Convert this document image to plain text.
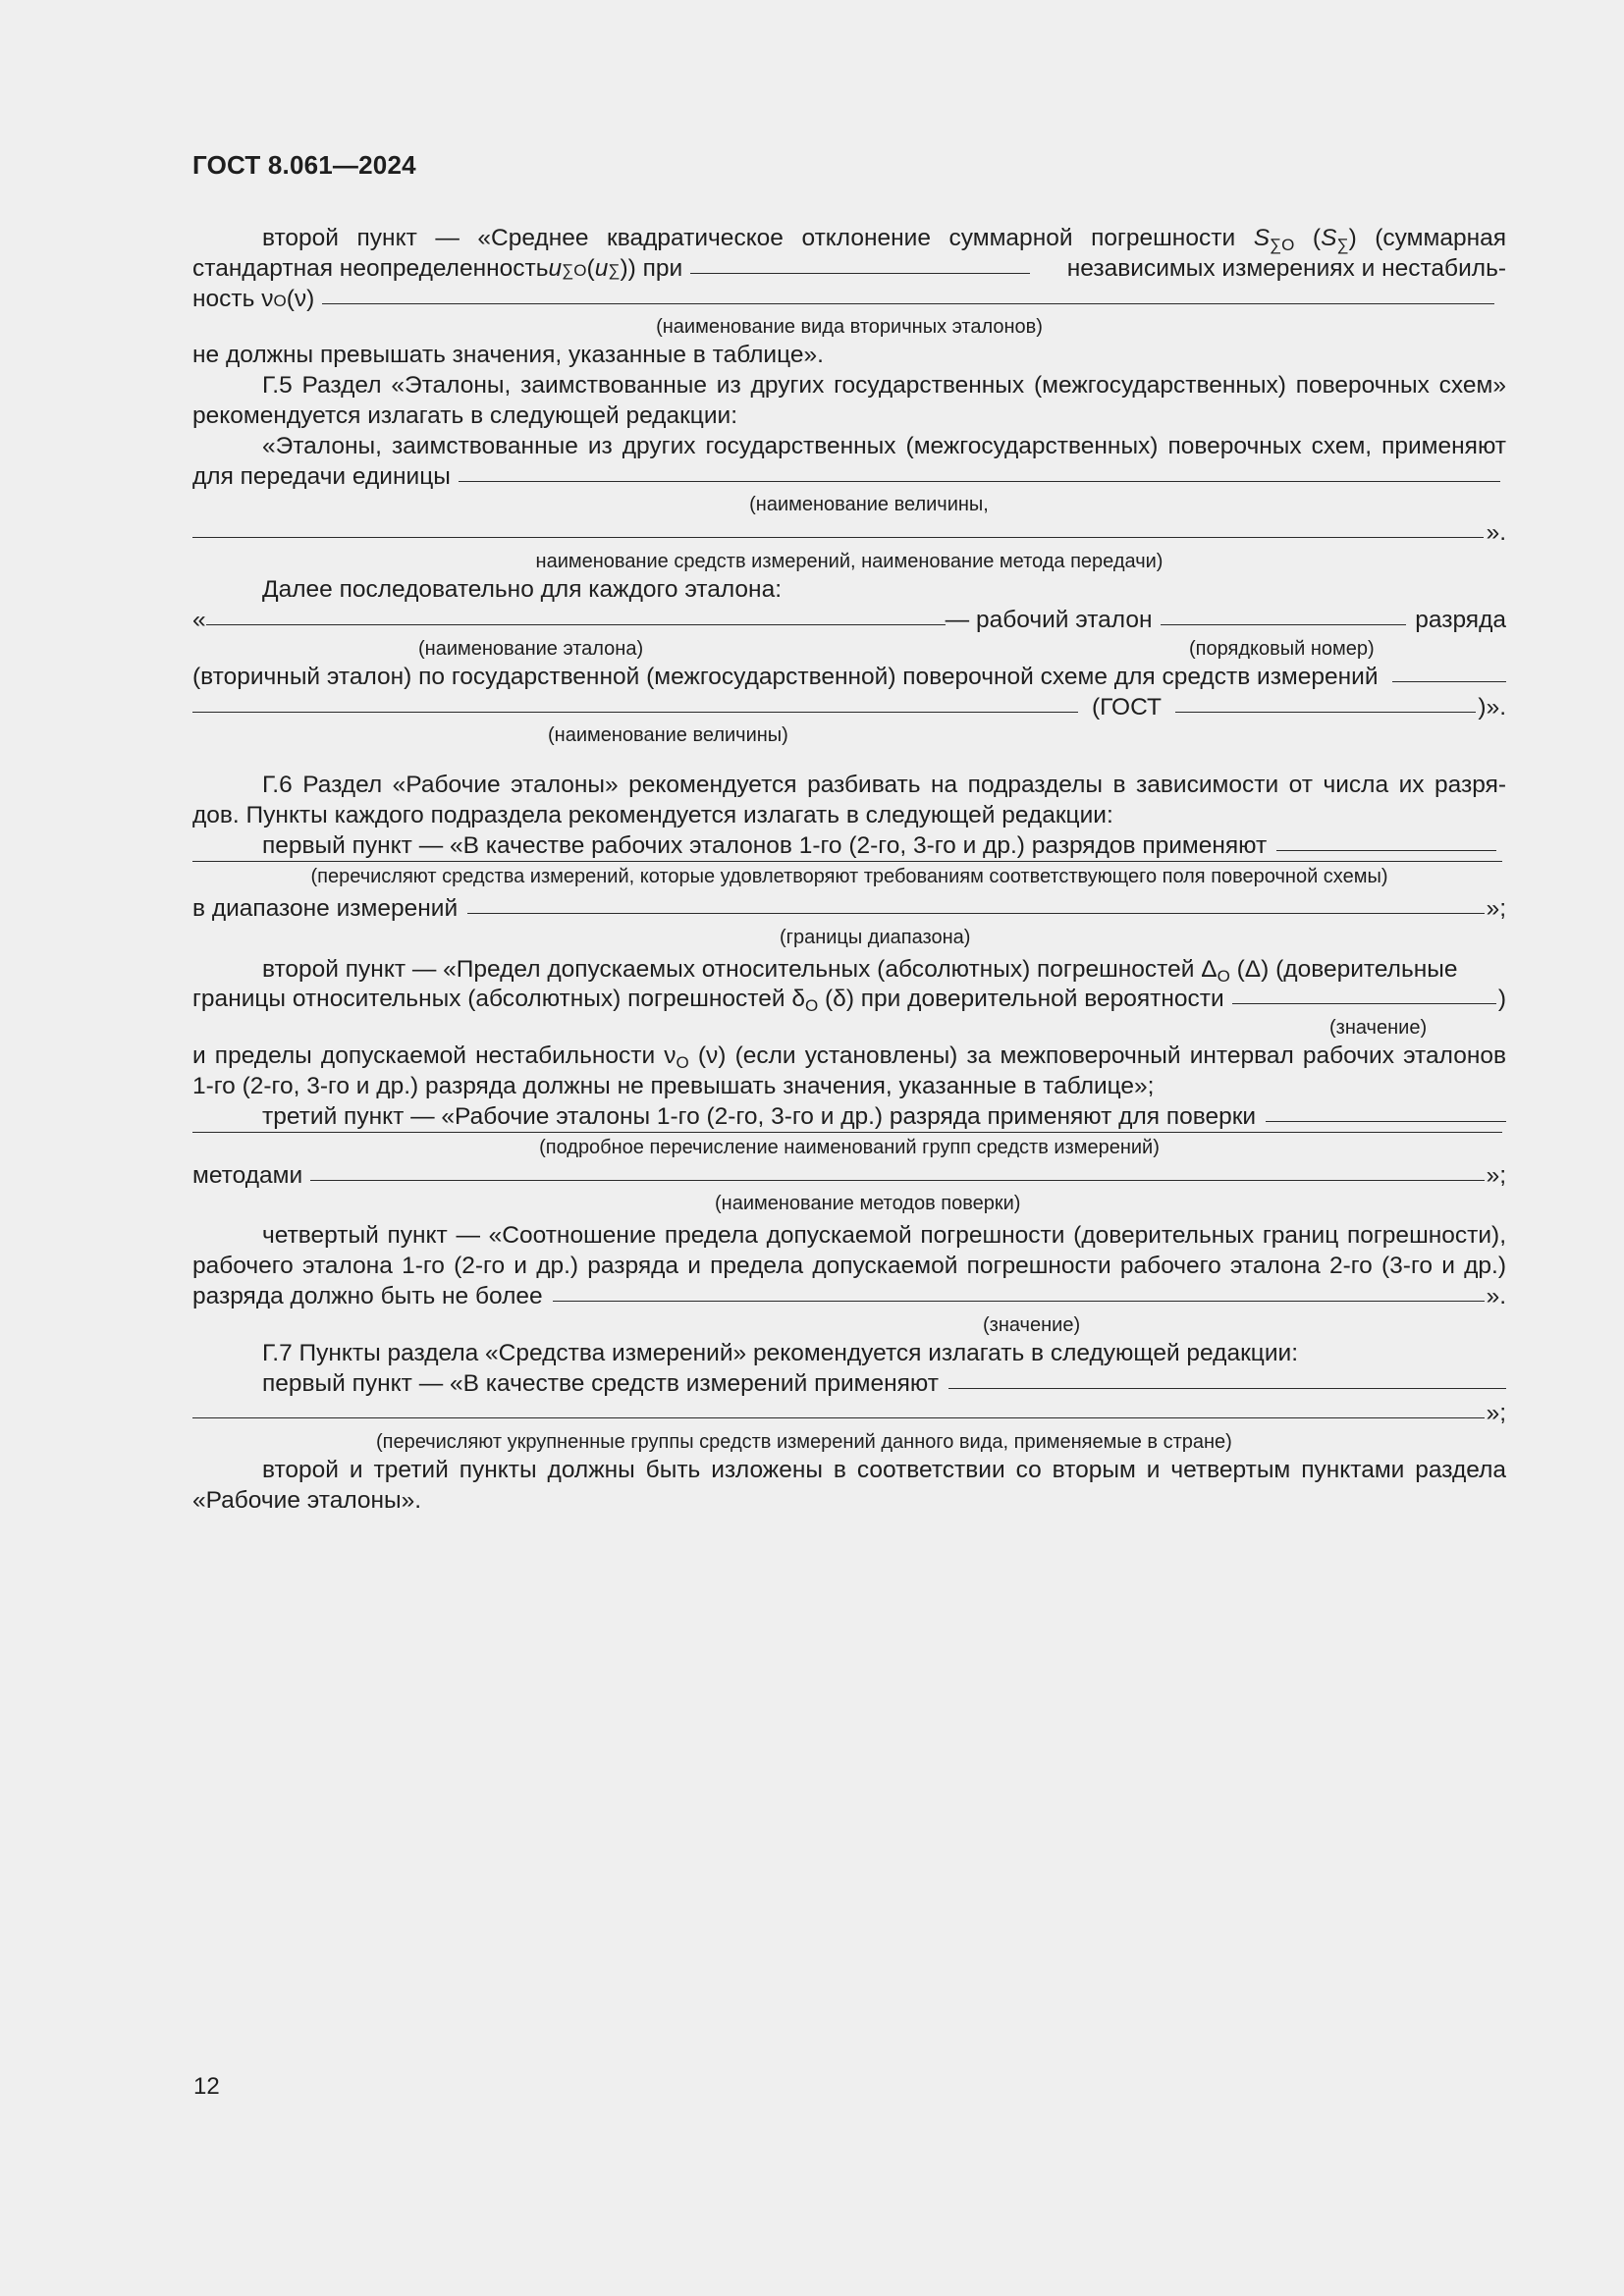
ГОСТ 8.061—2024
второй пункт — «Среднее квадратическое отклонение суммарной погрешности $S_{\sum O}$ $(S_\sum)$ (суммарная
стандартная неопределенность u ∑O ( u ∑ )) при	независимых измерениях и нестабиль-
ность ν O (ν)
(наименование вида вторичных эталонов)
не должны превышать значения, указанные в таблице».
Г.5 Раздел «Эталоны, заимствованные из других государственных (межгосударственных) поверочных схем»
рекомендуется излагать в следующей редакции:
«Эталоны, заимствованные из других государственных (межгосударственных) поверочных схем, применяют
для передачи единицы
(наименование величины,
».
наименование средств измерений, наименование метода передачи)
Далее последовательно для каждого эталона:
«	— рабочий эталон	разряда
(наименование эталона)	(порядковый номер)
(вторичный эталон) по государственной (межгосударственной) поверочной схеме для средств измерений
(ГОСТ	)».
(наименование величины)
Г.6 Раздел «Рабочие эталоны» рекомендуется разбивать на подразделы в зависимости от числа их разря-
дов. Пункты каждого подраздела рекомендуется излагать в следующей редакции:
первый пункт — «В качестве рабочих эталонов 1-го (2-го, 3-го и др.) разрядов применяют

(перечисляют средства измерений, которые удовлетворяют требованиям соответствующего поля поверочной схемы)
в диапазоне измерений	»;
(границы диапазона)
второй пункт — «Предел допускаемых относительных (абсолютных) погрешностей $\Delta_O$ (Δ) (доверительные
границы относительных (абсолютных) погрешностей $\delta_O$ (δ) при доверительной вероятности	)
(значение)
и пределы допускаемой нестабильности $\nu_O$ (ν) (если установлены) за межповерочный интервал рабочих эталонов
1-го (2-го, 3-го и др.) разряда должны не превышать значения, указанные в таблице»;
третий пункт — «Рабочие эталоны 1-го (2-го, 3-го и др.) разряда применяют для поверки

(подробное перечисление наименований групп средств измерений)
методами	»;
(наименование методов поверки)
четвертый пункт — «Соотношение предела допускаемой погрешности (доверительных границ погрешности),
рабочего эталона 1-го (2-го и др.) разряда и предела допускаемой погрешности рабочего эталона 2-го (3-го и др.)
разряда должно быть не более	».
(значение)
Г.7 Пункты раздела «Средства измерений» рекомендуется излагать в следующей редакции:
первый пункт — «В качестве средств измерений применяют
»;
(перечисляют укрупненные группы средств измерений данного вида, применяемые в стране)
второй и третий пункты должны быть изложены в соответствии со вторым и четвертым пунктами раздела
«Рабочие эталоны».
12
